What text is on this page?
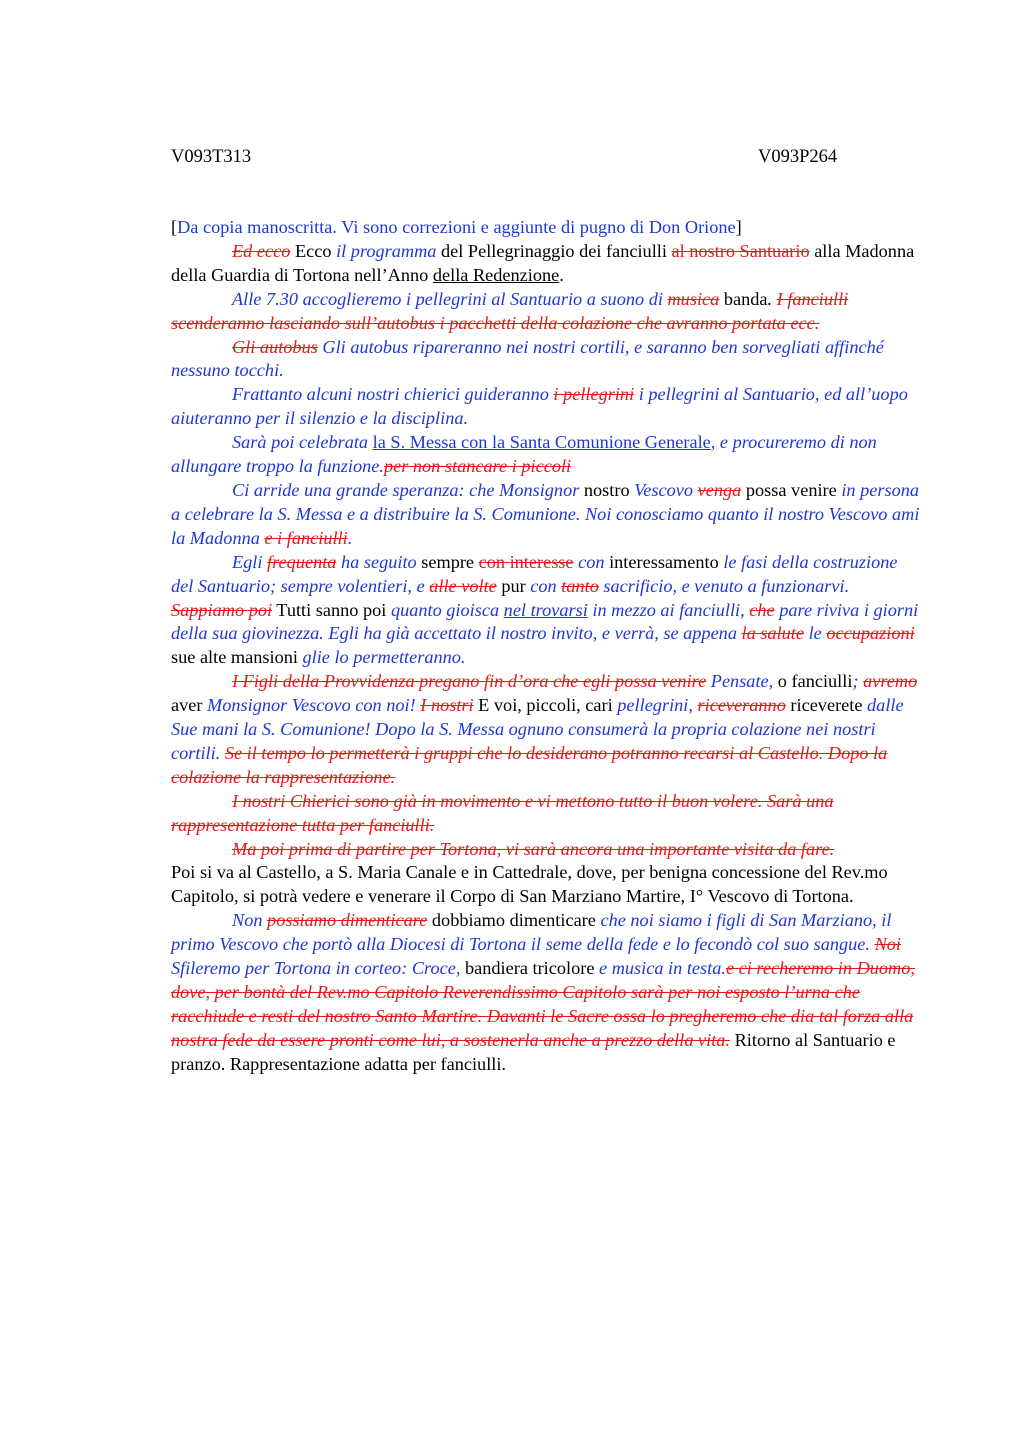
V093T313	V093P264

[Da copia manoscritta. Vi sono correzioni e aggiunte di pugno di Don Orione]

Ed ecco Ecco il programma del Pellegrinaggio dei fanciulli al nostro Santuario alla Madonna della Guardia di Tortona nell’Anno della Redenzione.

Alle 7.30 accoglieremo i pellegrini al Santuario a suono di musica banda. I fanciulli scenderanno lasciando sull’autobus i pacchetti della colazione che avranno portata ecc.

Gli autobus Gli autobus ripareranno nei nostri cortili, e saranno ben sorvegliati affinché nessuno tocchi.

Frattanto alcuni nostri chierici guideranno i pellegrini i pellegrini al Santuario, ed all’uopo aiuteranno per il silenzio e la disciplina.

Sarà poi celebrata la S. Messa con la Santa Comunione Generale, e procureremo di non allungare troppo la funzione.per non stancare i piccoli

Ci arride una grande speranza: che Monsignor nostro Vescovo venga possa venire in persona a celebrare la S. Messa e a distribuire la S. Comunione. Noi conosciamo quanto il nostro Vescovo ami la Madonna e i fanciulli.

Egli frequenta ha seguito sempre con interesse con interessamento le fasi della costruzione del Santuario; sempre volentieri, e alle volte pur con tanto sacrificio, e venuto a funzionarvi. Sappiamo poi Tutti sanno poi quanto gioisca nel trovarsi in mezzo ai fanciulli, che pare riviva i giorni della sua giovinezza. Egli ha già accettato il nostro invito, e verrà, se appena la salute le occupazioni sue alte mansioni glie lo permetteranno.

I Figli della Provvidenza pregano fin d’ora che egli possa venire Pensate, o fanciulli; avremo aver Monsignor Vescovo con noi! I nostri E voi, piccoli, cari pellegrini, riceveranno riceverete dalle Sue mani la S. Comunione! Dopo la S. Messa ognuno consumerà la propria colazione nei nostri cortili. Se il tempo lo permetterà i gruppi che lo desiderano potranno recarsi al Castello. Dopo la colazione la rappresentazione.

I nostri Chierici sono già in movimento e vi mettono tutto il buon volere. Sarà una rappresentazione tutta per fanciulli.

Ma poi prima di partire per Tortona, vi sarà ancora una importante visita da fare.

Poi si va al Castello, a S. Maria Canale e in Cattedrale, dove, per benigna concessione del Rev.mo Capitolo, si potrà vedere e venerare il Corpo di San Marziano Martire, I° Vescovo di Tortona.

Non possiamo dimenticare dobbiamo dimenticare che noi siamo i figli di San Marziano, il primo Vescovo che portò alla Diocesi di Tortona il seme della fede e lo fecondò col suo sangue. Noi Sfileremo per Tortona in corteo: Croce, bandiera tricolore e musica in testa.e ci recheremo in Duomo, dove, per bontà del Rev.mo Capitolo Reverendissimo Capitolo sarà per noi esposto l’urna che racchiude e resti del nostro Santo Martire. Davanti le Sacre ossa lo pregheremo che dia tal forza alla nostra fede da essere pronti come lui, a sostenerla anche a prezzo della vita. Ritorno al Santuario e pranzo. Rappresentazione adatta per fanciulli.
